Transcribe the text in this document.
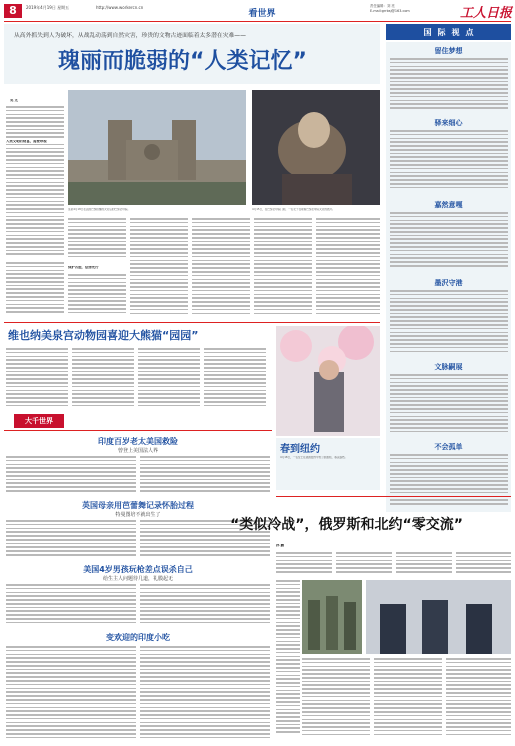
8	2019年4月19日 星期五	http://www.workercn.cn
看世界
责任编辑：刘 亮
E-mail:grrbsj@163.com	工人日报
从高外抓失到人为破坏，从战乱动荡到自然灾害，珍贵的文物古迹面临着太多潜在灾难——
瑰丽而脆弱的“人类记忆”
吴 尤
人类文明的财富，需要珍视
保护古迹，法律先行
这是4月18日在法国巴黎拍摄的火灾后的巴黎圣母院。	4月15日，在巴黎圣母院门前，一名女子在观看巴黎圣母院火灾的图片。
国 际 视 点
留住梦想
驿来细心
嘉然意嘎
墨沢守港
文脉嗣展
不会孤单
维也纳美泉宫动物园喜迎大熊猫“园园”
大千世界
印度百岁老太美国救险
曾登上美国法人界
英国母亲用芭蕾舞记录怀胎过程
特曼图培不就出生了
美国4岁男孩玩枪差点误杀自己
给生主人问题待几道，礼膜起无
变欢迎的印度小吃
春到纽约
4月18日，一名女士在美国纽约中央公园拍照，春意盎然。
“类似冷战”，俄罗斯和北约“零交流”
孙 鹏
